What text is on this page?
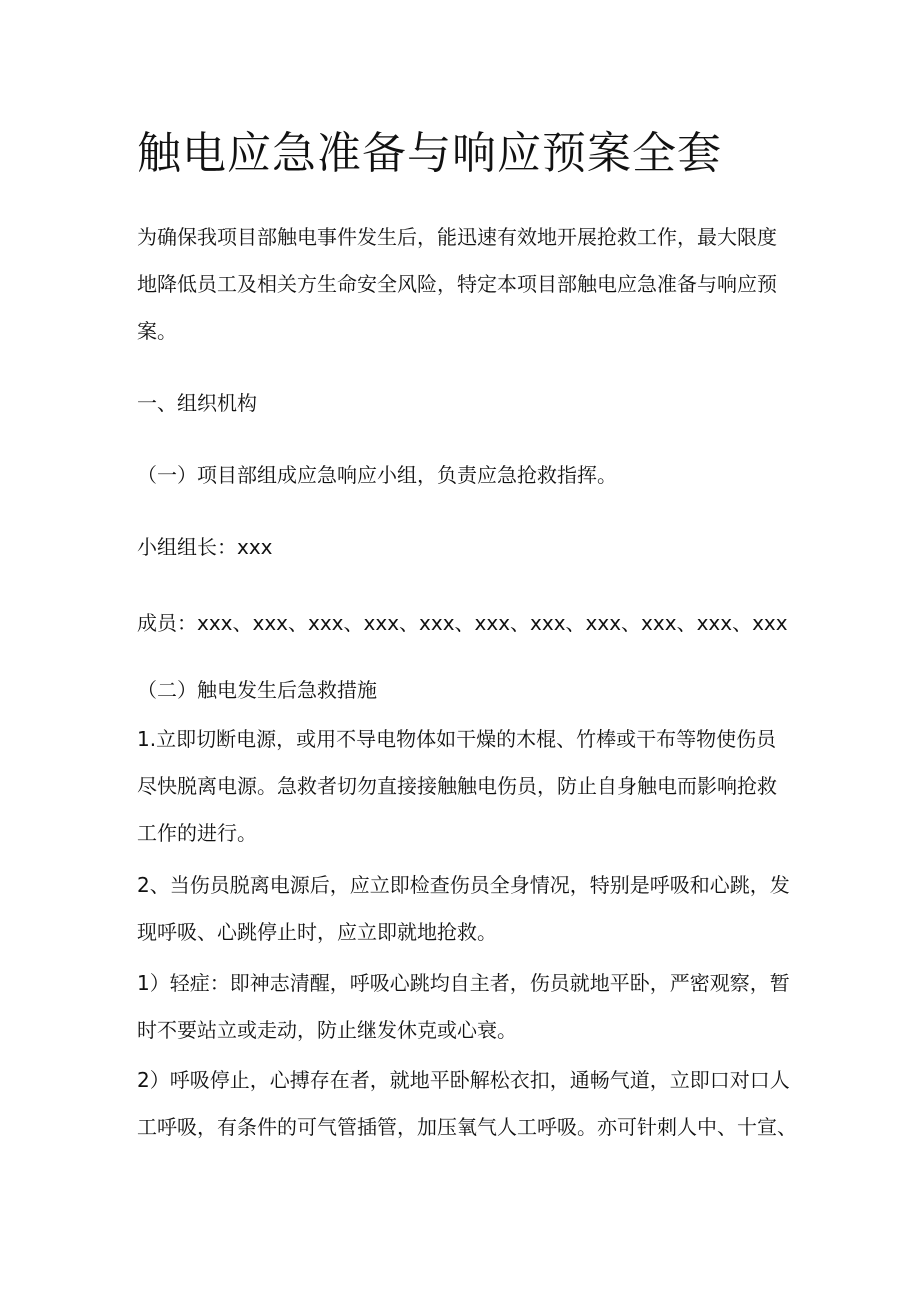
触电应急准备与响应预案全套

为确保我项目部触电事件发生后，能迅速有效地开展抢救工作，最大限度
地降低员工及相关方生命安全风险，特定本项目部触电应急准备与响应预
案。

一、组织机构

（一）项目部组成应急响应小组，负责应急抢救指挥。

小组组长：xxx

成员：xxx、xxx、xxx、xxx、xxx、xxx、xxx、xxx、xxx、xxx、xxx

（二）触电发生后急救措施

1.立即切断电源，或用不导电物体如干燥的木棍、竹棒或干布等物使伤员
尽快脱离电源。急救者切勿直接接触触电伤员，防止自身触电而影响抢救
工作的进行。

2、当伤员脱离电源后，应立即检查伤员全身情况，特别是呼吸和心跳，发
现呼吸、心跳停止时，应立即就地抢救。

1）轻症：即神志清醒，呼吸心跳均自主者，伤员就地平卧，严密观察，暂
时不要站立或走动，防止继发休克或心衰。

2）呼吸停止，心搏存在者，就地平卧解松衣扣，通畅气道，立即口对口人
工呼吸，有条件的可气管插管，加压氧气人工呼吸。亦可针刺人中、十宣、
